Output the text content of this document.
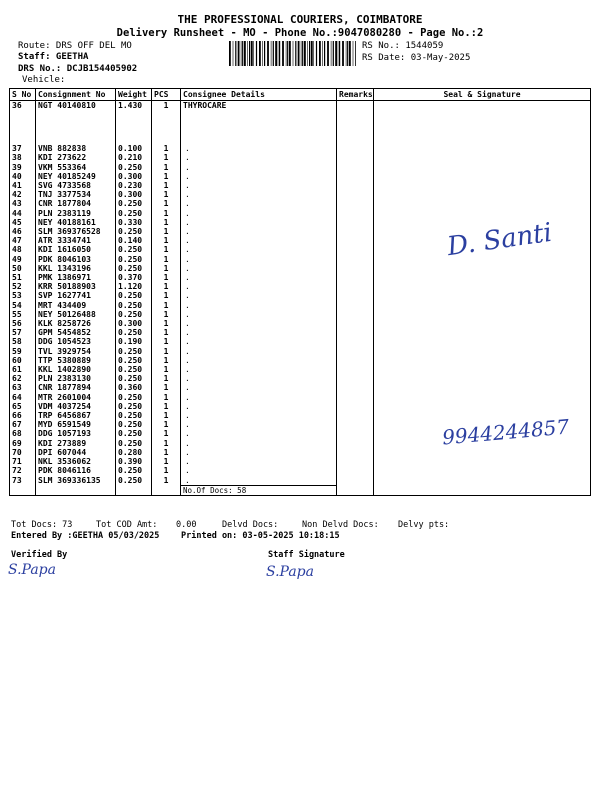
THE PROFESSIONAL COURIERS, COIMBATORE
Delivery Runsheet - MO - Phone No.:9047080280 - Page No.:2
Route: DRS OFF DEL MO
Staff: GEETHA
DRS No.: DCJB154405902
Vehicle:
RS No.: 1544059
RS Date: 03-May-2025
S No	Consignment No	Weight	PCS	Consignee Details	Remarks	Seal & Signature
36	NGT 40140810	1.430	1	THYROCARE		

37	VNB 882838	0.100	1	.		
38	KDI 273622	0.210	1	.		
39	VKM 553364	0.250	1	.		
40	NEY 40185249	0.300	1	.		
41	SVG 4733568	0.230	1	.		
42	TNJ 3377534	0.300	1	.		
43	CNR 1877804	0.250	1	.		
44	PLN 2383119	0.250	1	.		
45	NEY 40188161	0.330	1	.		
46	SLM 369376528	0.250	1	.		
47	ATR 3334741	0.140	1	.		
48	KDI 1616050	0.250	1	.		
49	PDK 8046103	0.250	1	.		
50	KKL 1343196	0.250	1	.		
51	PMK 1386971	0.370	1	.		
52	KRR 50188903	1.120	1	.		
53	SVP 1627741	0.250	1	.		
54	MRT 434409	0.250	1	.		
55	NEY 50126488	0.250	1	.		
56	KLK 8258726	0.300	1	.		
57	GPM 5454852	0.250	1	.		
58	DDG 1054523	0.190	1	.		
59	TVL 3929754	0.250	1	.		
60	TTP 5380889	0.250	1	.		
61	KKL 1402890	0.250	1	.		
62	PLN 2383130	0.250	1	.		
63	CNR 1877894	0.360	1	.		
64	MTR 2601004	0.250	1	.		
65	VDM 4037254	0.250	1	.		
66	TRP 6456867	0.250	1	.		
67	MYD 6591549	0.250	1	.		
68	DDG 1057193	0.250	1	.		
69	KDI 273889	0.250	1	.		
70	DPI 607044	0.280	1	.		
71	NKL 3536062	0.390	1	.		
72	PDK 8046116	0.250	1	.		
73	SLM 369336135	0.250	1	.		
				No.Of Docs: 58		
D. Santi
9944244857
Tot Docs: 73	Tot COD Amt: 0.00	Delvd Docs:	Non Delvd Docs: Delvy pts:
Entered By :GEETHA 05/03/2025	Printed on: 03-05-2025 10:18:15
Verified By	Staff Signature
S.Papa	S.Papa
